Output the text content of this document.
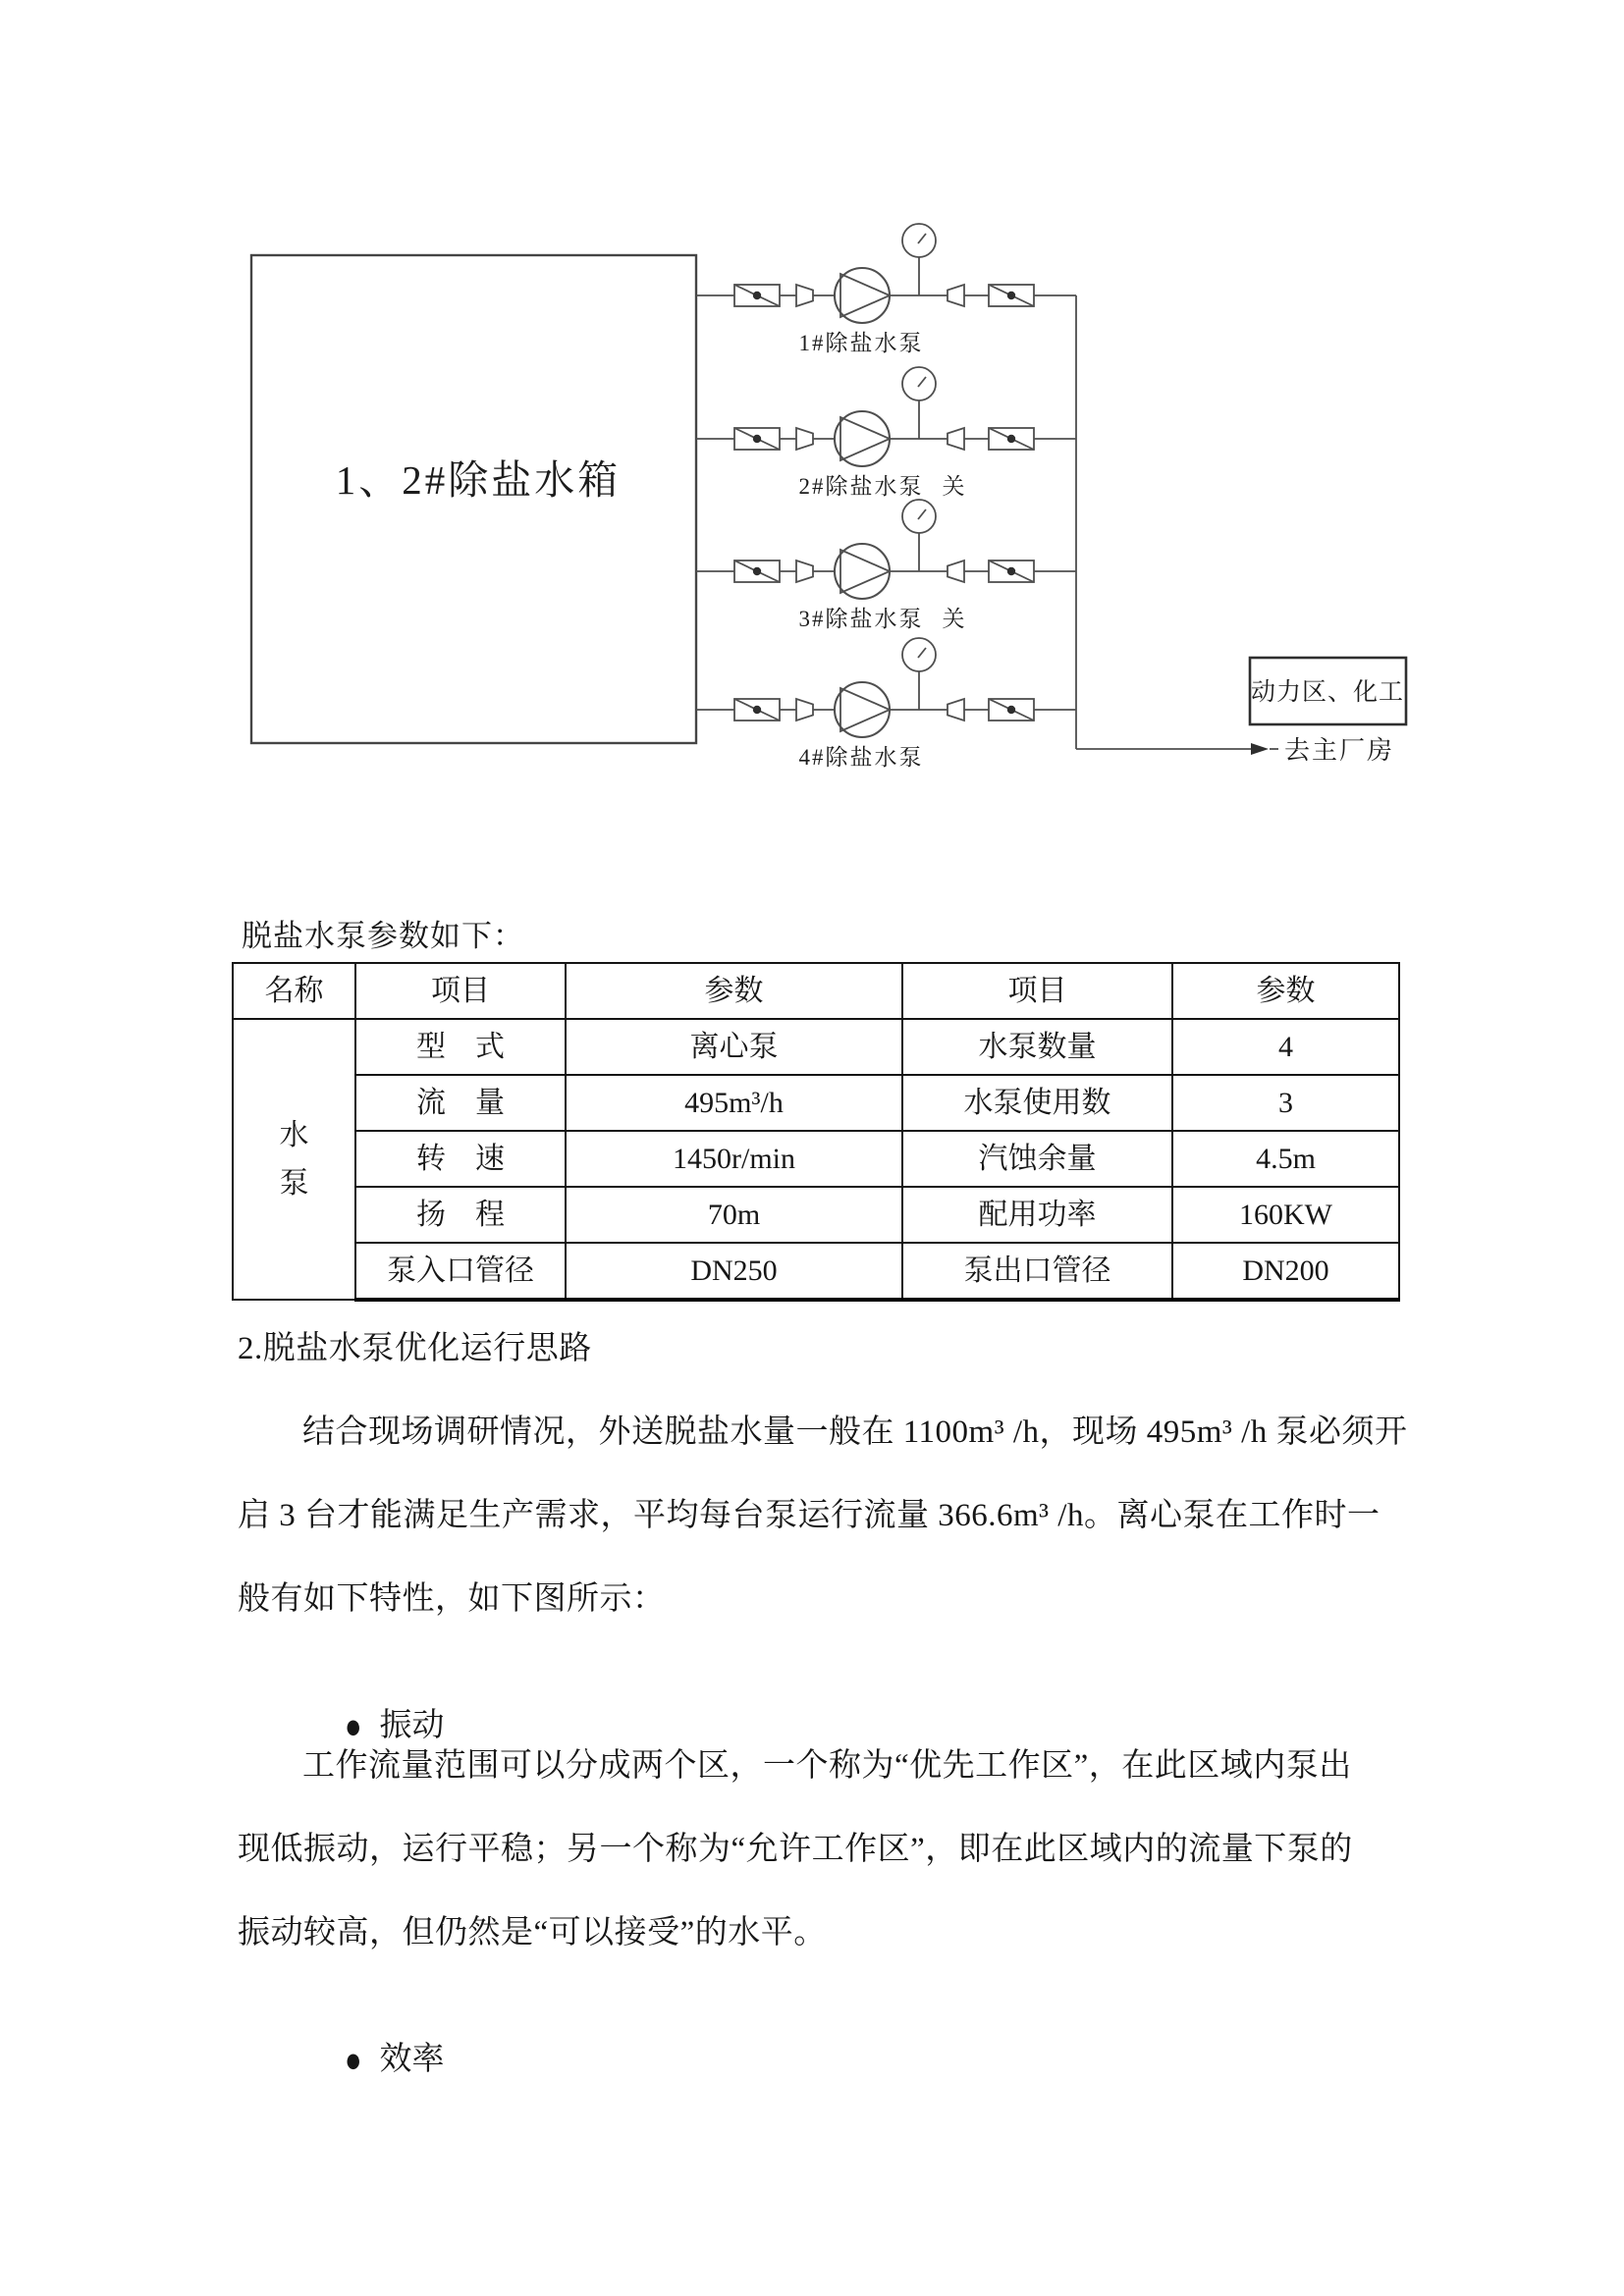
1、2#除盐水箱
去主厂房
动力区、化工
1#除盐水泵
2#除盐水泵 关
3#除盐水泵 关
4#除盐水泵
脱盐水泵参数如下：
名称	项目	参数	项目	参数

水泵	型　式	离心泵	水泵数量	4
	流　量	495m³/h	水泵使用数	3
	转　速	1450r/min	汽蚀余量	4.5m
	扬　程	70m	配用功率	160KW
	泵入口管径	DN250	泵出口管径	DN200
2.脱盐水泵优化运行思路
结合现场调研情况，外送脱盐水量一般在 1100m³ /h，现场 495m³ /h 泵必须开
启 3 台才能满足生产需求，平均每台泵运行流量 366.6m³ /h。离心泵在工作时一
般有如下特性，如下图所示：

● 振动

工作流量范围可以分成两个区，一个称为“优先工作区”，在此区域内泵出
现低振动，运行平稳；另一个称为“允许工作区”，即在此区域内的流量下泵的
振动较高，但仍然是“可以接受”的水平。

● 效率
